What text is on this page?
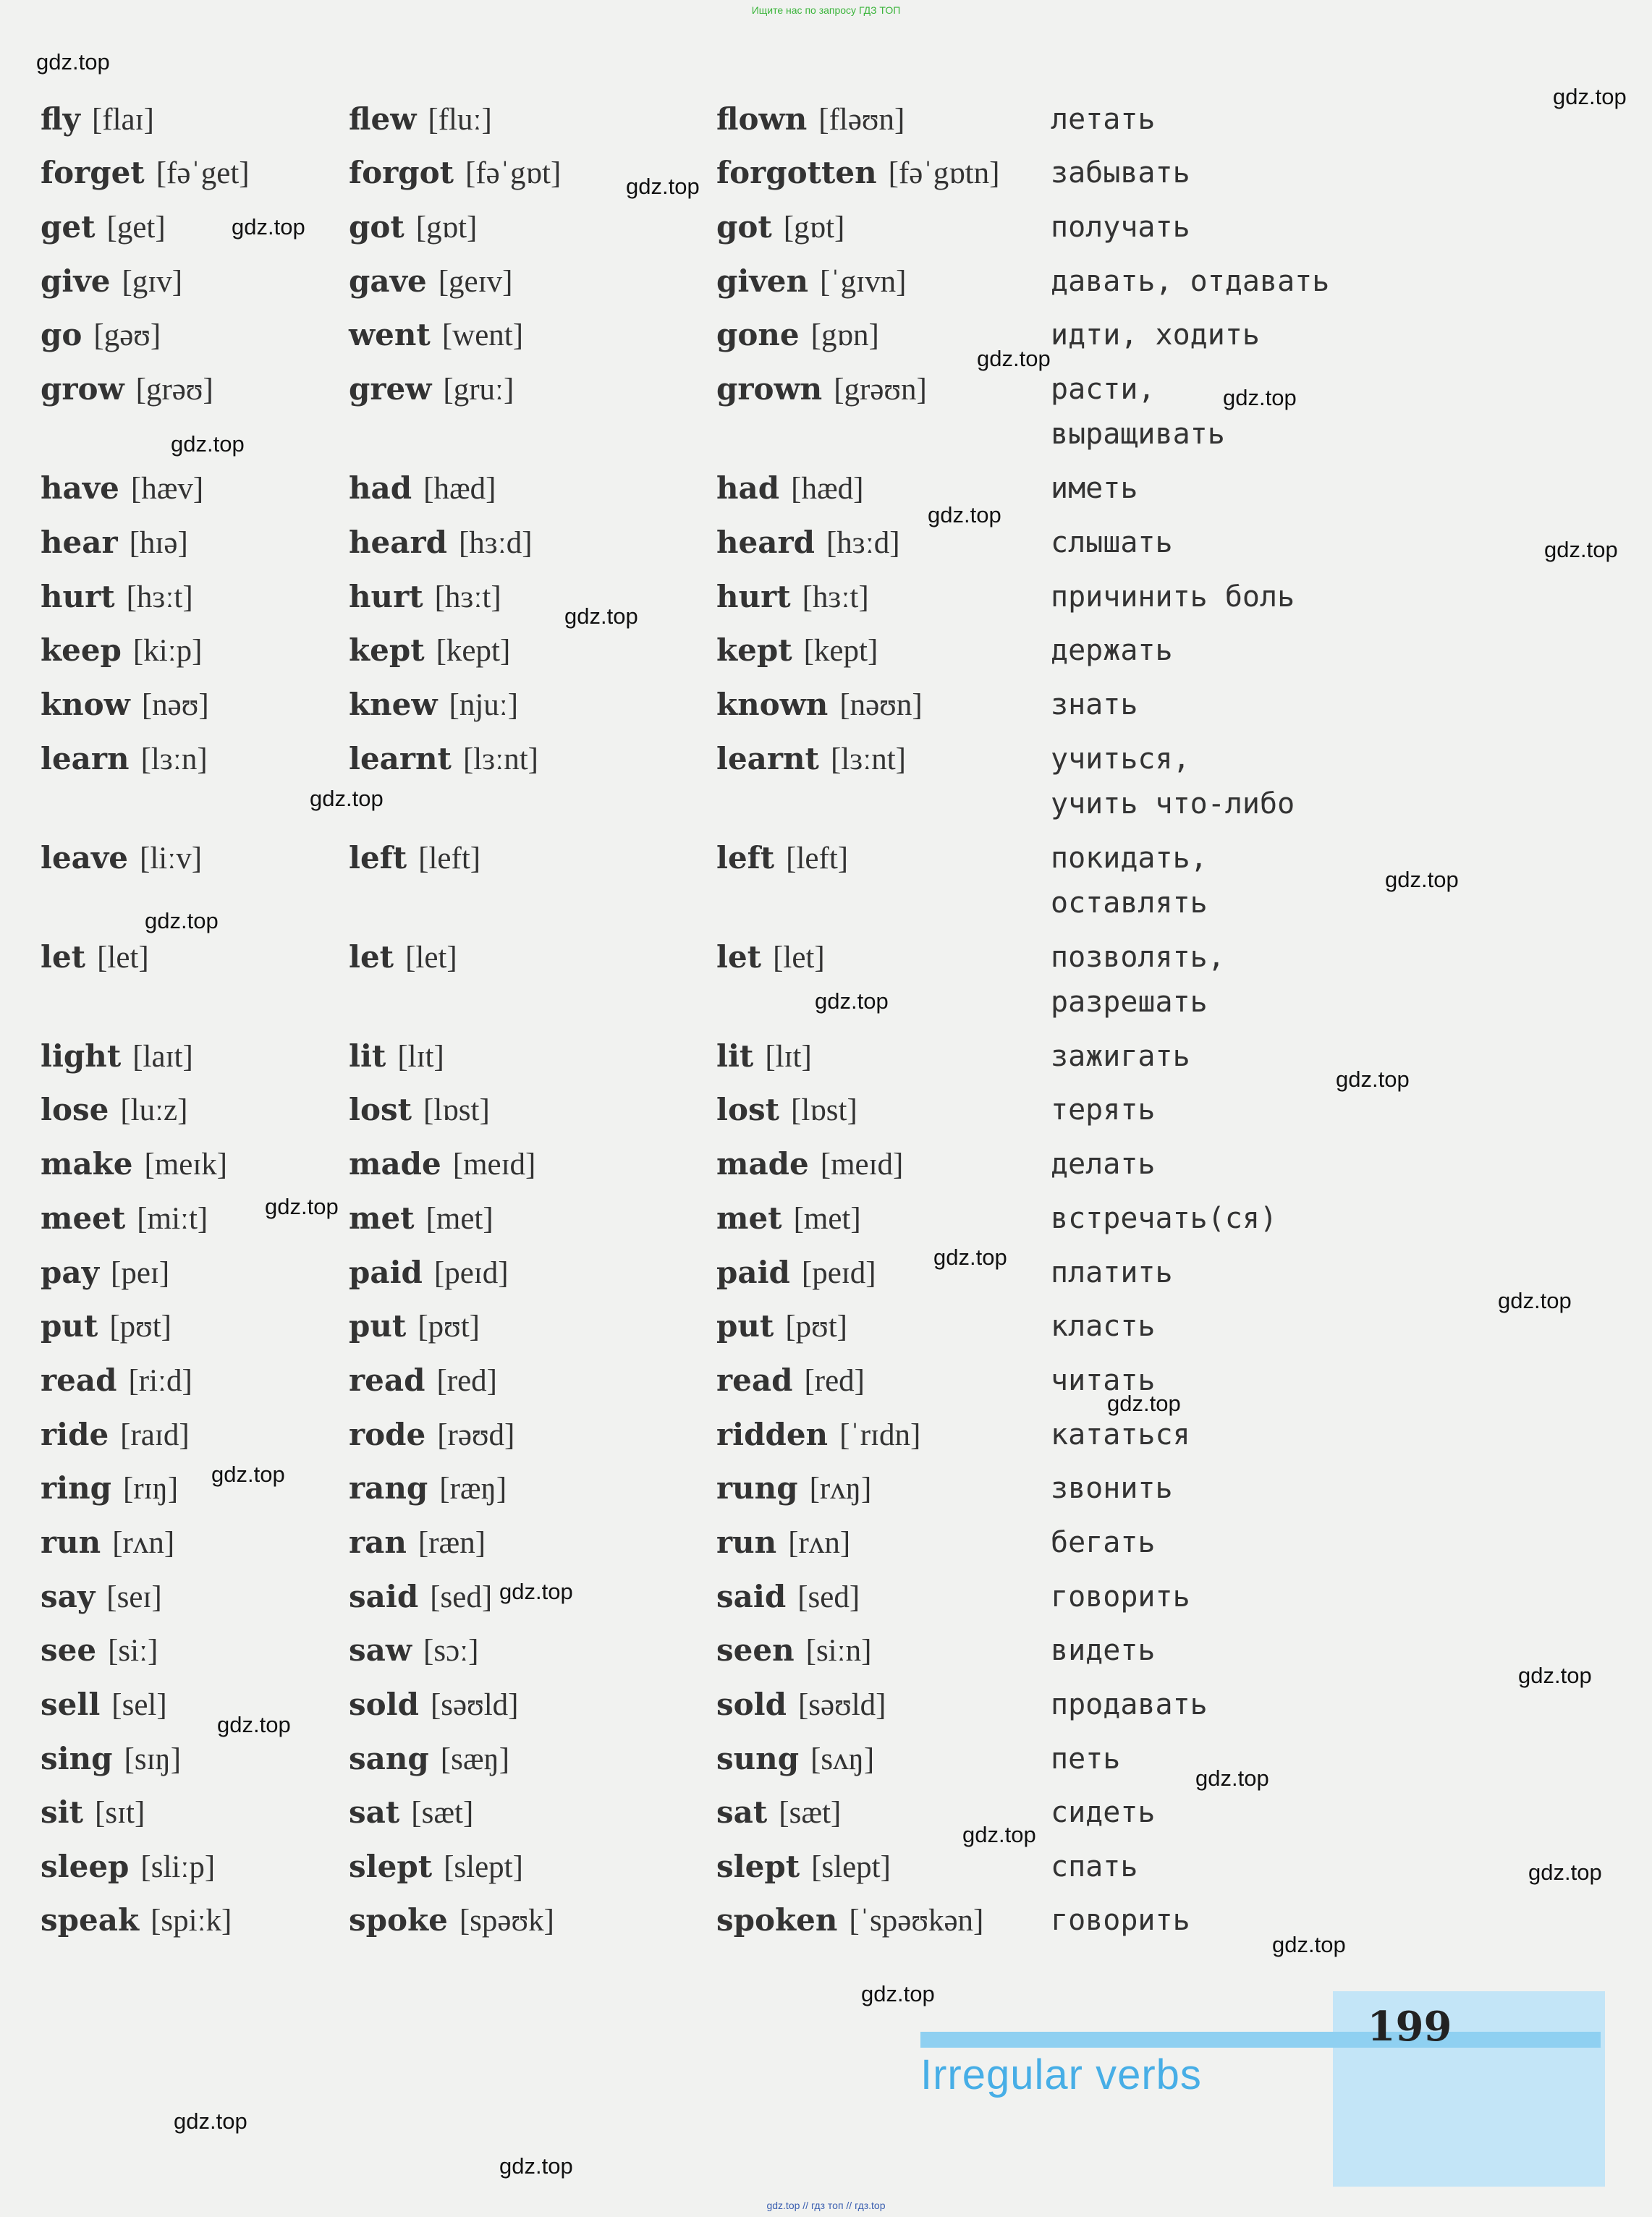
Ищите нас по запросу ГДЗ ТОП
fly [flaɪ]	flew [fluː]	flown [fləʊn]	летать
forget [fəˈget]	forgot [fəˈgɒt]	forgotten [fəˈgɒtn] забывать
get [get]	got [gɒt]	got [gɒt]	получать
give [gɪv]	gave [geɪv]	given [ˈgɪvn]	давать, отдавать
go [gəʊ]	went [went]	gone [gɒn]	идти, ходить
grow [grəʊ]	grew [gruː]	grown [grəʊn]	расти,
выращивать
have [hæv]	had [hæd]	had [hæd]	иметь
hear [hɪə]	heard [hɜːd]	heard [hɜːd]	слышать
hurt [hɜːt]	hurt [hɜːt]	hurt [hɜːt]	причинить боль
keep [kiːp]	kept [kept]	kept [kept]	держать
know [nəʊ]	knew [njuː]	known [nəʊn]	знать
learn [lɜːn]	learnt [lɜːnt]	learnt [lɜːnt]	учиться,
учить что-либо
leave [liːv]	left [left]	left [left]	покидать,
оставлять
let [let]	let [let]	let [let]	позволять,
разрешать
light [laɪt]	lit [lɪt]	lit [lɪt]	зажигать
lose [luːz]	lost [lɒst]	lost [lɒst]	терять
make [meɪk]	made [meɪd]	made [meɪd]	делать
meet [miːt]	met [met]	met [met]	встречать(ся)
pay [peɪ]	paid [peɪd]	paid [peɪd]	платить
put [pʊt]	put [pʊt]	put [pʊt]	класть
read [riːd]	read [red]	read [red]	читать
ride [raɪd]	rode [rəʊd]	ridden [ˈrɪdn]	кататься
ring [rɪŋ]	rang [ræŋ]	rung [rʌŋ]	звонить
run [rʌn]	ran [ræn]	run [rʌn]	бегать
say [seɪ]	said [sed]	said [sed]	говорить
see [siː]	saw [sɔː]	seen [siːn]	видеть
sell [sel]	sold [səʊld]	sold [səʊld]	продавать
sing [sɪŋ]	sang [sæŋ]	sung [sʌŋ]	петь
sit [sɪt]	sat [sæt]	sat [sæt]	сидеть
sleep [sliːp]	slept [slept]	slept [slept]	спать
speak [spiːk]	spoke [spəʊk]	spoken [ˈspəʊkən] говорить
gdz.top
gdz.top
gdz.top
gdz.top
gdz.top
gdz.top
gdz.top
gdz.top
gdz.top
gdz.top
gdz.top
gdz.top
gdz.top
gdz.top
gdz.top
gdz.top
gdz.top
gdz.top
gdz.top
gdz.top
gdz.top
gdz.top
gdz.top
gdz.top
gdz.top
gdz.top
gdz.top
gdz.top
gdz.top
gdz.top
199
Irregular verbs
gdz.top // гдз топ // гдз.top
